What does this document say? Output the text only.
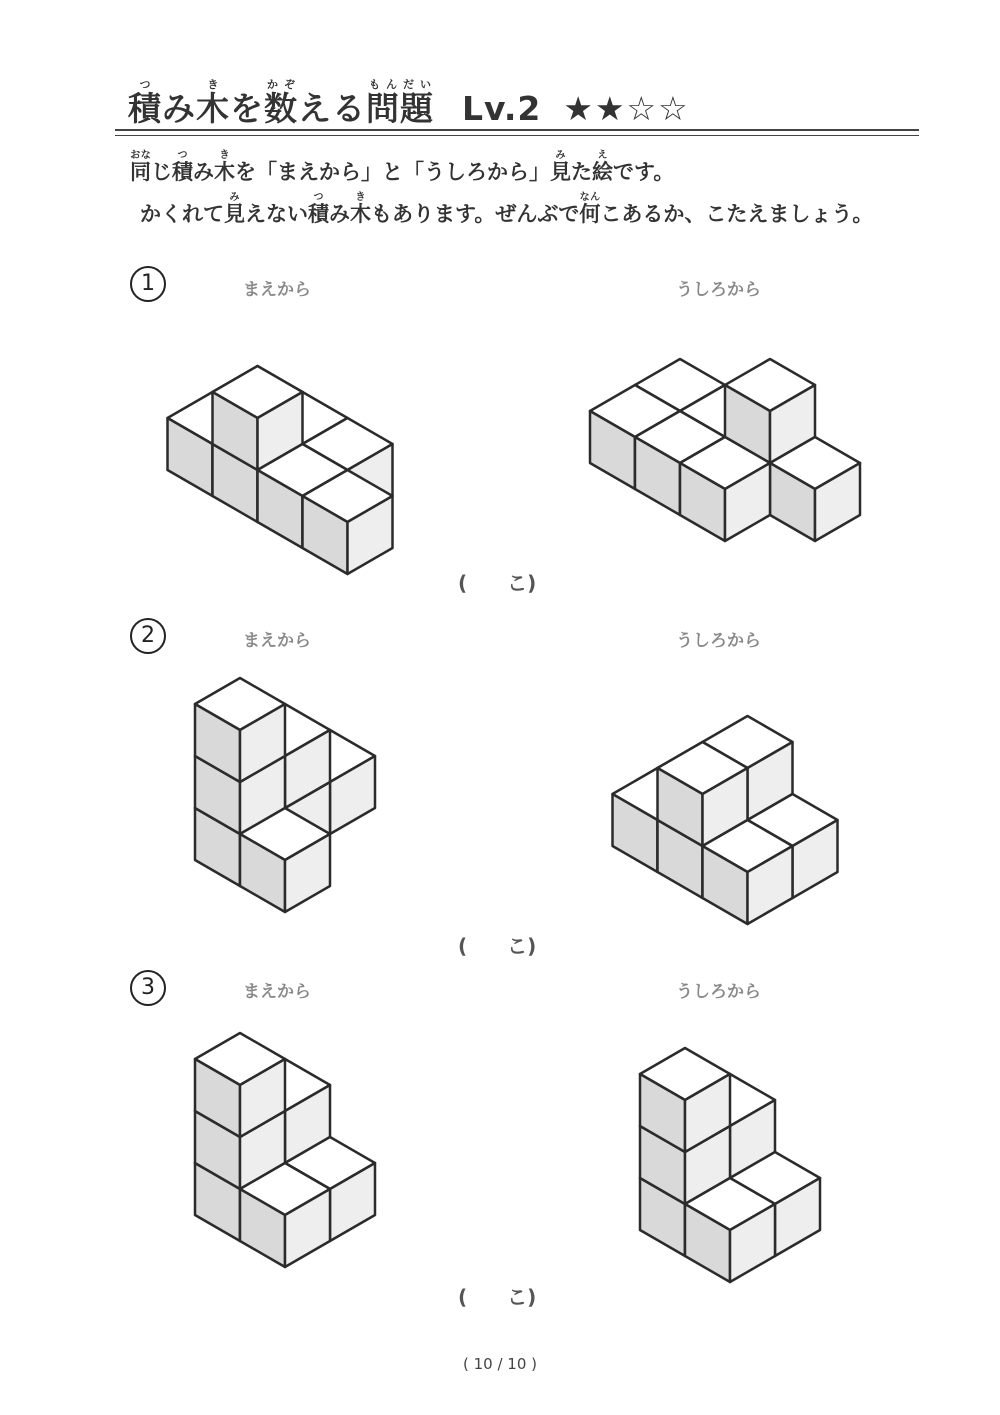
積つみ木きを数かぞえる問題もんだいLv.2 ★★☆☆
同おなじ積つみ木きを「まえから」と「うしろから」見みた絵えです。
かくれて見みえない積つみ木きもあります。ぜんぶで何なんこあるか、こたえましょう。
1	まえから	うしろから
(　　こ)
2	まえから	うしろから
(　　こ)
3	まえから	うしろから
(　　こ)
( 10 / 10 )
